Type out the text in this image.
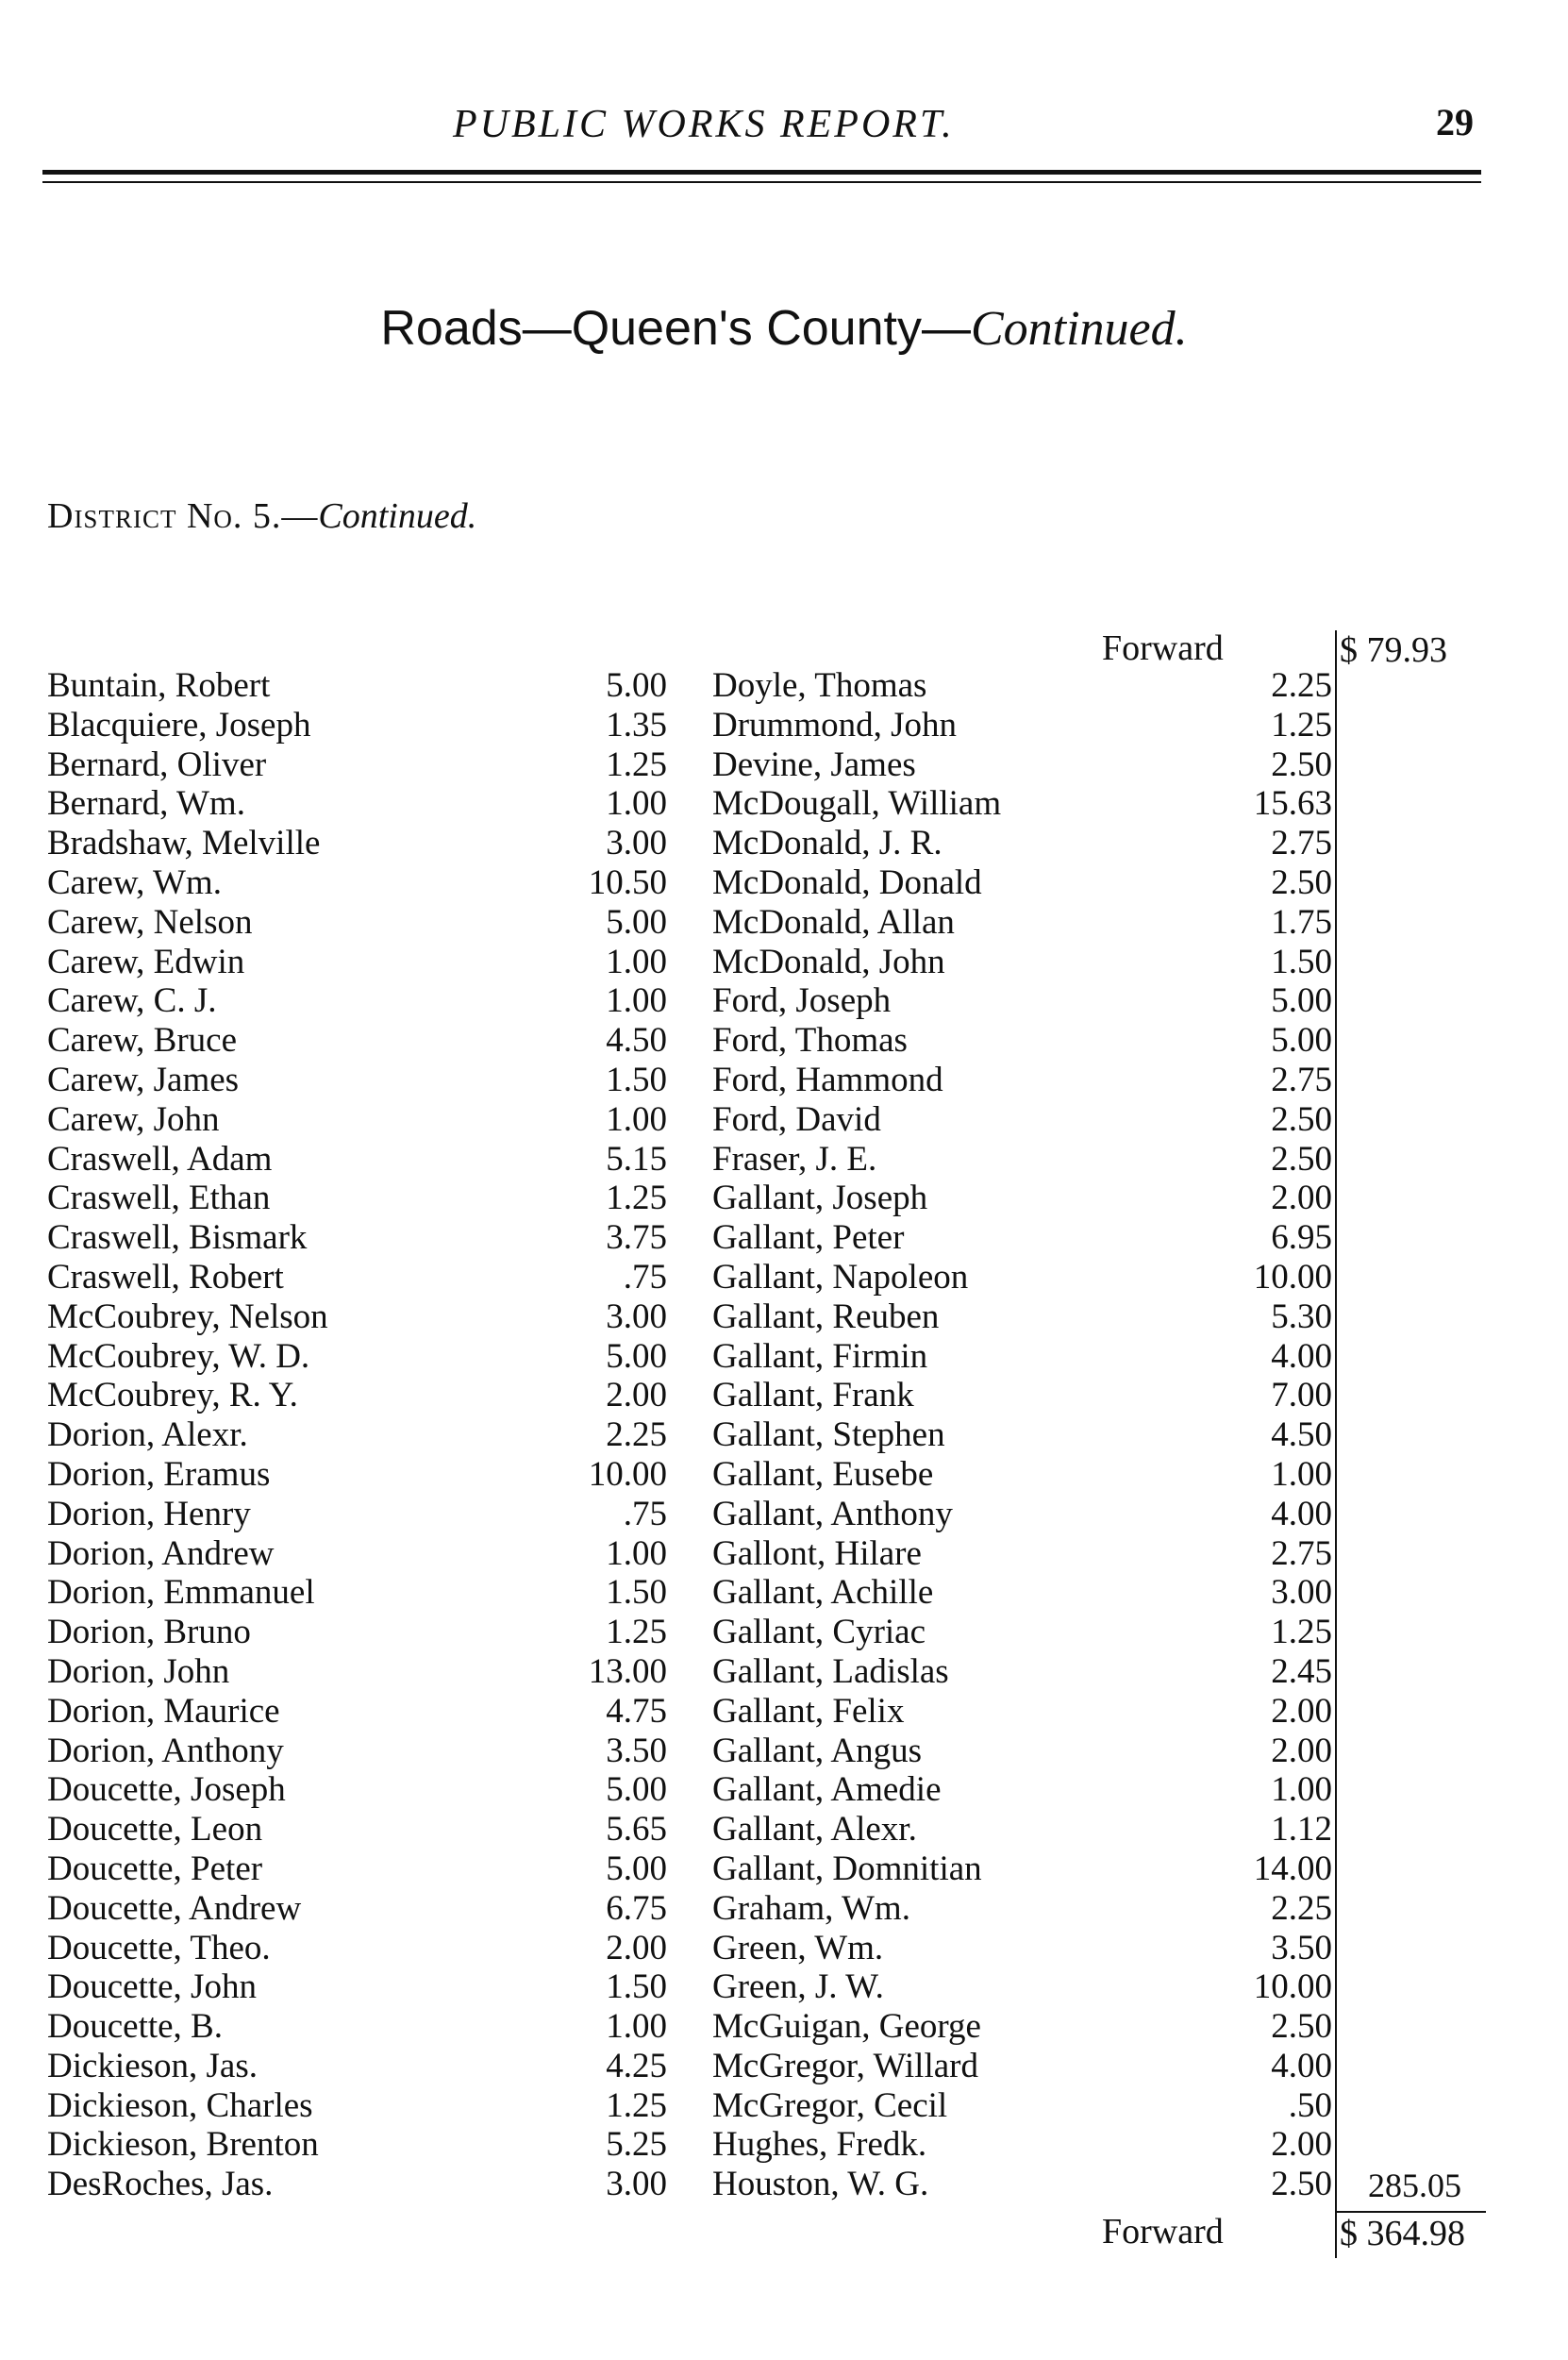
PUBLIC WORKS REPORT.	29
Roads—Queen's County—Continued.
District No. 5.—Continued.
Forward	$ 79.93
Buntain, Robert	5.00 Doyle, Thomas	2.25
Blacquiere, Joseph	1.35 Drummond, John	1.25
Bernard, Oliver	1.25 Devine, James	2.50
Bernard, Wm.	1.00 McDougall, William	15.63
Bradshaw, Melville	3.00 McDonald, J. R.	2.75
Carew, Wm.	10.50 McDonald, Donald	2.50
Carew, Nelson	5.00 McDonald, Allan	1.75
Carew, Edwin	1.00 McDonald, John	1.50
Carew, C. J.	1.00 Ford, Joseph	5.00
Carew, Bruce	4.50 Ford, Thomas	5.00
Carew, James	1.50 Ford, Hammond	2.75
Carew, John	1.00 Ford, David	2.50
Craswell, Adam	5.15 Fraser, J. E.	2.50
Craswell, Ethan	1.25 Gallant, Joseph	2.00
Craswell, Bismark	3.75 Gallant, Peter	6.95
Craswell, Robert	.75 Gallant, Napoleon	10.00
McCoubrey, Nelson	3.00 Gallant, Reuben	5.30
McCoubrey, W. D.	5.00 Gallant, Firmin	4.00
McCoubrey, R. Y.	2.00 Gallant, Frank	7.00
Dorion, Alexr.	2.25 Gallant, Stephen	4.50
Dorion, Eramus	10.00 Gallant, Eusebe	1.00
Dorion, Henry	.75 Gallant, Anthony	4.00
Dorion, Andrew	1.00 Gallont, Hilare	2.75
Dorion, Emmanuel	1.50 Gallant, Achille	3.00
Dorion, Bruno	1.25 Gallant, Cyriac	1.25
Dorion, John	13.00 Gallant, Ladislas	2.45
Dorion, Maurice	4.75 Gallant, Felix	2.00
Dorion, Anthony	3.50 Gallant, Angus	2.00
Doucette, Joseph	5.00 Gallant, Amedie	1.00
Doucette, Leon	5.65 Gallant, Alexr.	1.12
Doucette, Peter	5.00 Gallant, Domnitian	14.00
Doucette, Andrew	6.75 Graham, Wm.	2.25
Doucette, Theo.	2.00 Green, Wm.	3.50
Doucette, John	1.50 Green, J. W.	10.00
Doucette, B.	1.00 McGuigan, George	2.50
Dickieson, Jas.	4.25 McGregor, Willard	4.00
Dickieson, Charles	1.25 McGregor, Cecil	.50
Dickieson, Brenton	5.25 Hughes, Fredk.	2.00
DesRoches, Jas.	3.00 Houston, W. G.	2.50 285.05
Forward	$ 364.98
